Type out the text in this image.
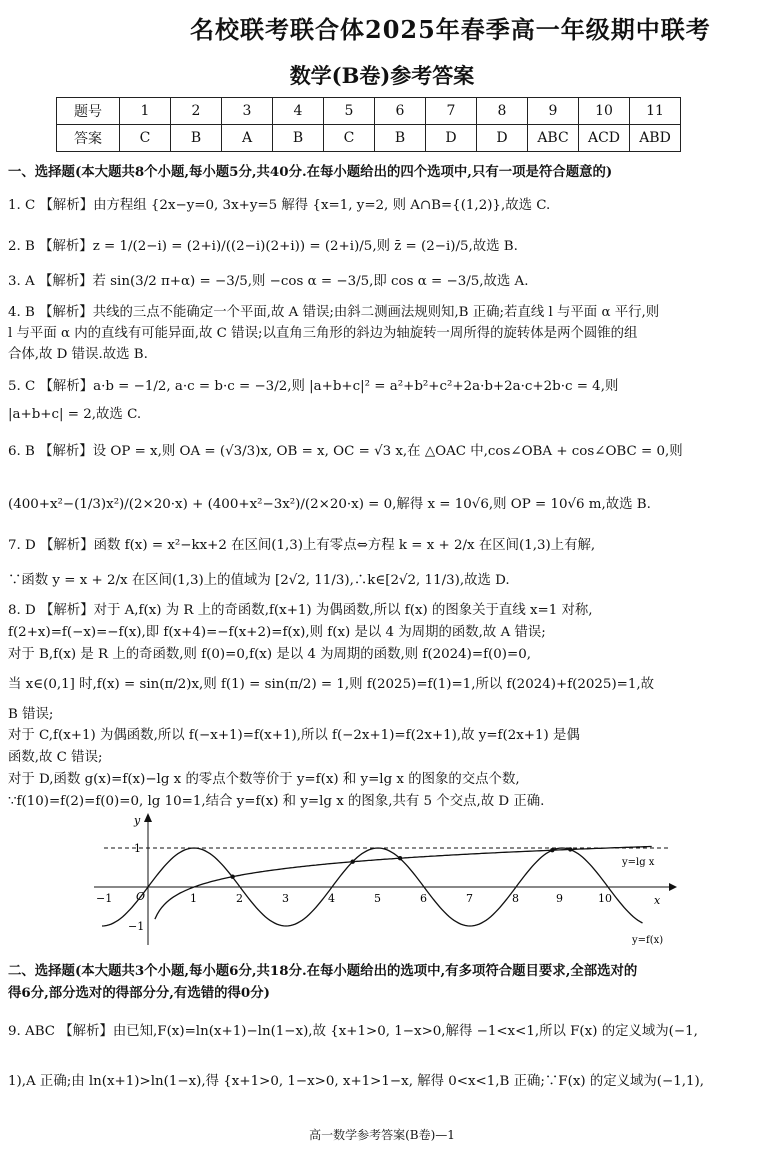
名校联考联合体2025年春季高一年级期中联考
数学(B卷)参考答案
题号	1	2	3	4	5	6	7	8	9	10	11
答案	C	B	A	B	C	B	D	D	ABC	ACD	ABD
一、选择题(本大题共8个小题,每小题5分,共40分.在每小题给出的四个选项中,只有一项是符合题意的)
1. C 【解析】由方程组 {2x−y=0, 3x+y=5 解得 {x=1, y=2, 则 A∩B={(1,2)},故选 C.
2. B 【解析】z = 1/(2−i) = (2+i)/((2−i)(2+i)) = (2+i)/5,则 z̄ = (2−i)/5,故选 B.
3. A 【解析】若 sin(3/2 π+α) = −3/5,则 −cos α = −3/5,即 cos α = −3/5,故选 A.
4. B 【解析】共线的三点不能确定一个平面,故 A 错误;由斜二测画法规则知,B 正确;若直线 l 与平面 α 平行,则
l 与平面 α 内的直线有可能异面,故 C 错误;以直角三角形的斜边为轴旋转一周所得的旋转体是两个圆锥的组
合体,故 D 错误.故选 B.
5. C 【解析】a·b = −1/2, a·c = b·c = −3/2,则 |a+b+c|² = a²+b²+c²+2a·b+2a·c+2b·c = 4,则
|a+b+c| = 2,故选 C.
6. B 【解析】设 OP = x,则 OA = (√3/3)x, OB = x, OC = √3 x,在 △OAC 中,cos∠OBA + cos∠OBC = 0,则
(400+x²−(1/3)x²)/(2×20·x) + (400+x²−3x²)/(2×20·x) = 0,解得 x = 10√6,则 OP = 10√6 m,故选 B.
7. D 【解析】函数 f(x) = x²−kx+2 在区间(1,3)上有零点⇔方程 k = x + 2/x 在区间(1,3)上有解,
∵函数 y = x + 2/x 在区间(1,3)上的值域为 [2√2, 11/3),∴k∈[2√2, 11/3),故选 D.
8. D 【解析】对于 A,f(x) 为 R 上的奇函数,f(x+1) 为偶函数,所以 f(x) 的图象关于直线 x=1 对称,
f(2+x)=f(−x)=−f(x),即 f(x+4)=−f(x+2)=f(x),则 f(x) 是以 4 为周期的函数,故 A 错误;
对于 B,f(x) 是 R 上的奇函数,则 f(0)=0,f(x) 是以 4 为周期的函数,则 f(2024)=f(0)=0,
当 x∈(0,1] 时,f(x) = sin(π/2)x,则 f(1) = sin(π/2) = 1,则 f(2025)=f(1)=1,所以 f(2024)+f(2025)=1,故
B 错误;
对于 C,f(x+1) 为偶函数,所以 f(−x+1)=f(x+1),所以 f(−2x+1)=f(2x+1),故 y=f(2x+1) 是偶
函数,故 C 错误;
对于 D,函数 g(x)=f(x)−lg x 的零点个数等价于 y=f(x) 和 y=lg x 的图象的交点个数,
∵f(10)=f(2)=f(0)=0, lg 10=1,结合 y=f(x) 和 y=lg x 的图象,共有 5 个交点,故 D 正确.
y
x
O
1
−1
−1	1	2	3	4	5	6	7	8	9	10
y=lg x
y=f(x)
二、选择题(本大题共3个小题,每小题6分,共18分.在每小题给出的选项中,有多项符合题目要求,全部选对的
得6分,部分选对的得部分分,有选错的得0分)
9. ABC 【解析】由已知,F(x)=ln(x+1)−ln(1−x),故 {x+1>0, 1−x>0,解得 −1<x<1,所以 F(x) 的定义域为(−1,
1),A 正确;由 ln(x+1)>ln(1−x),得 {x+1>0, 1−x>0, x+1>1−x, 解得 0<x<1,B 正确;∵F(x) 的定义域为(−1,1),
高一数学参考答案(B卷)—1
